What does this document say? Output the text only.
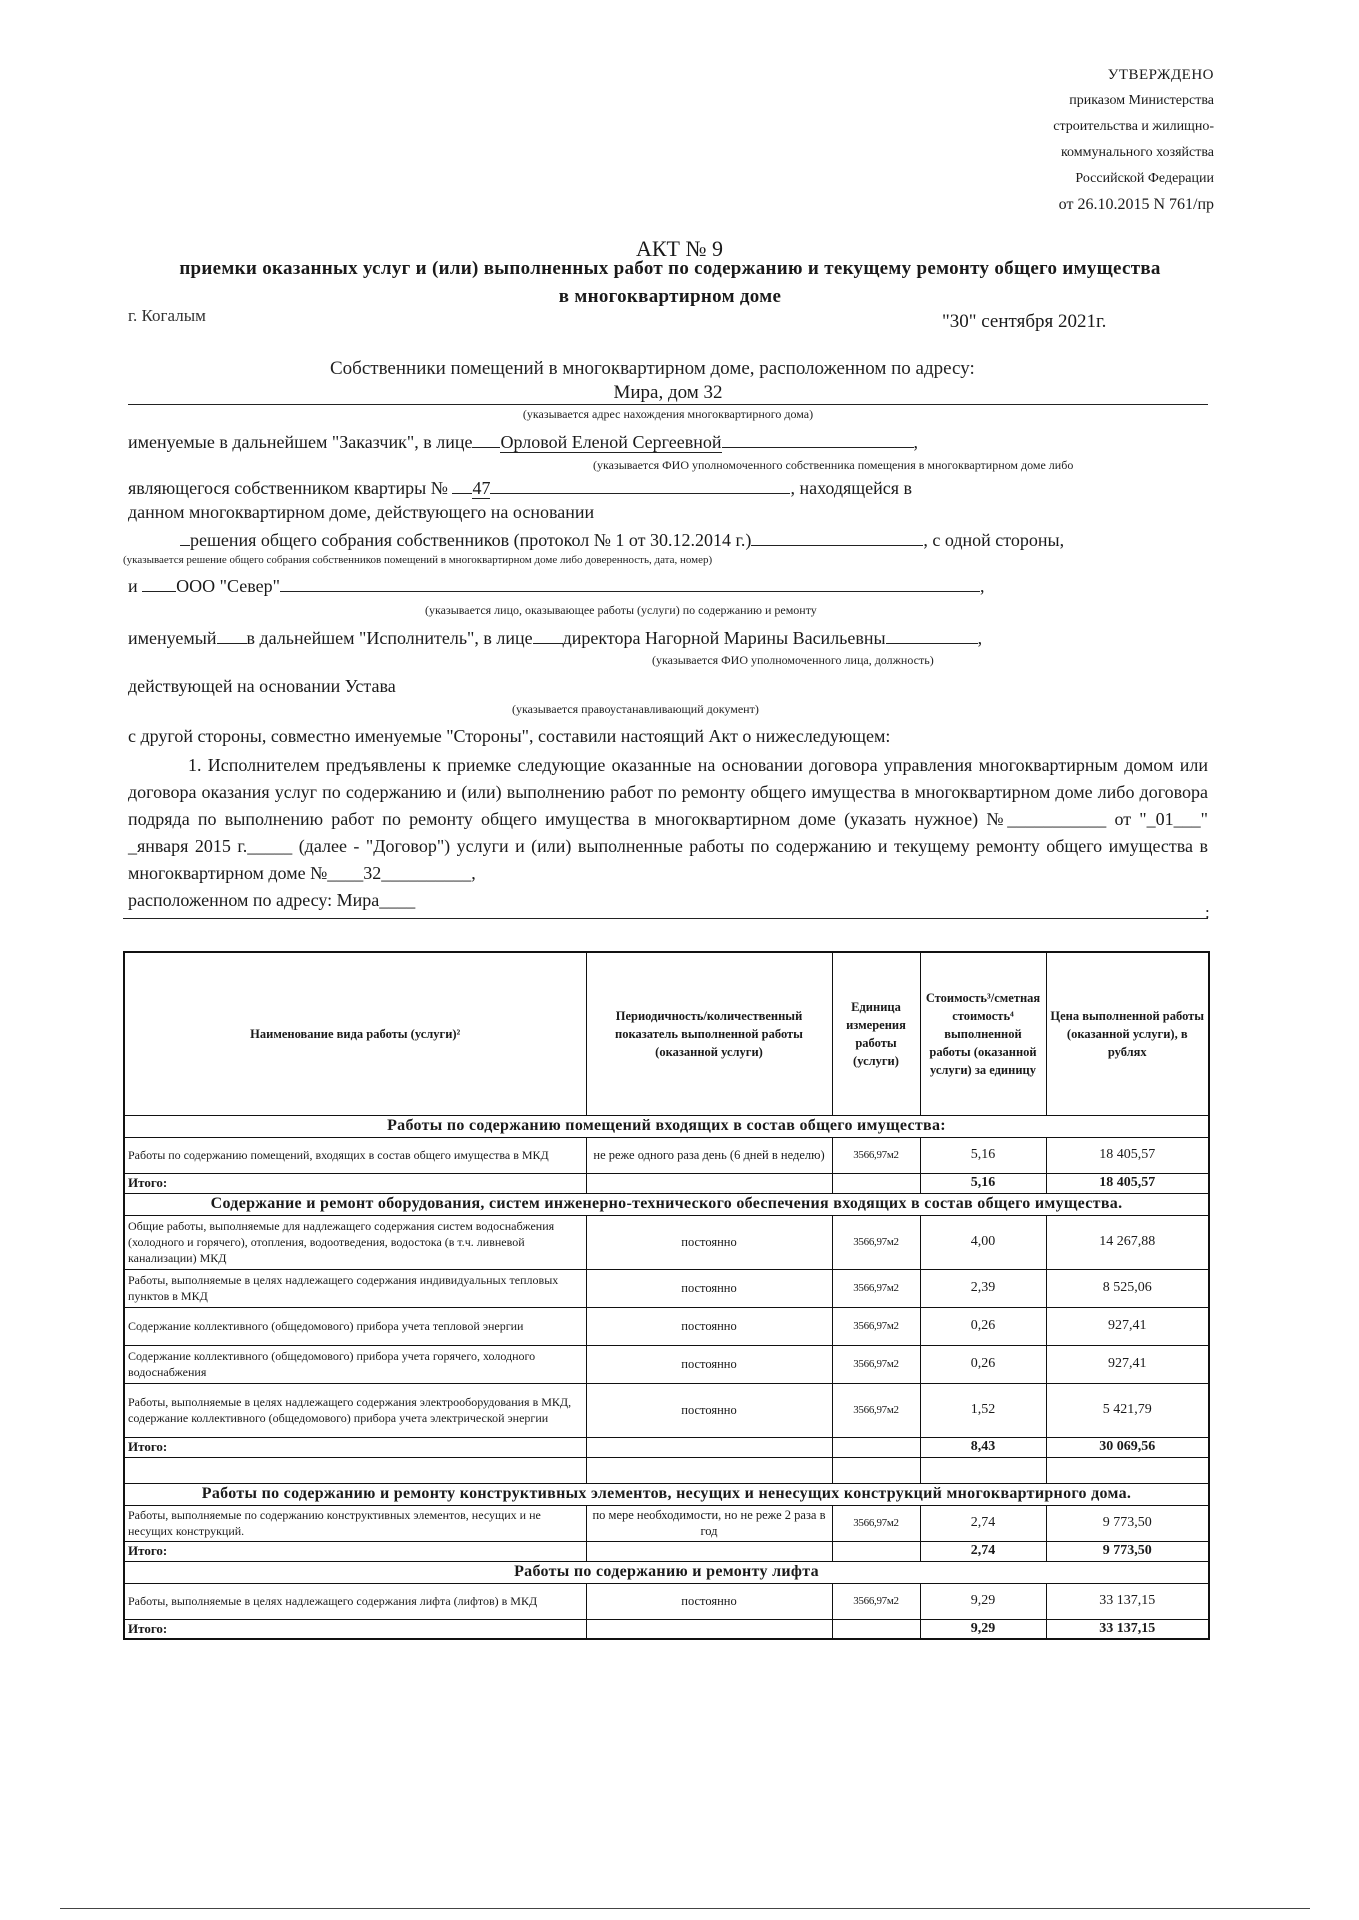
УТВЕРЖДЕНО
приказом Министерства
строительства и жилищно-
коммунального хозяйства
Российской Федерации
от 26.10.2015 N 761/пр
АКТ № 9
приемки оказанных услуг и (или) выполненных работ по содержанию и текущему ремонту общего имущества
в многоквартирном доме
г. Когалым	"30" сентября 2021г.
Собственники помещений в многоквартирном доме, расположенном по адресу:
Мира, дом 32
(указывается адрес нахождения многоквартирного дома)
именуемые в дальнейшем "Заказчик", в лице Орловой Еленой Сергеевной	,
(указывается ФИО уполномоченного собственника помещения в многоквартирном доме либо
являющегося собственником квартиры № 47	, находящейся в
данном многоквартирном доме, действующего на основании
решения общего собрания собственников (протокол № 1 от 30.12.2014 г.)	, с одной стороны,
(указывается решение общего собрания собственников помещений в многоквартирном доме либо доверенность, дата, номер)
и ООО "Север"	,
(указывается лицо, оказывающее работы (услуги) по содержанию и ремонту
именуемый в дальнейшем "Исполнитель", в лице директора Нагорной Марины Васильевны	,
(указывается ФИО уполномоченного лица, должность)
действующей на основании Устава
(указывается правоустанавливающий документ)
с другой стороны, совместно именуемые "Стороны", составили настоящий Акт о нижеследующем:

1. Исполнителем предъявлены к приемке следующие оказанные на основании договора управления многоквартирным домом или договора оказания услуг по содержанию и (или) выполнению работ по ремонту общего имущества в многоквартирном доме либо договора подряда по выполнению работ по ремонту общего имущества в многоквартирном доме (указать нужное) №___________ от "_01___" _января 2015 г._____ (далее - "Договор") услуги и (или) выполненные работы по содержанию и текущему ремонту общего имущества в многоквартирном доме №____32__________,

расположенном по адресу: Мира____

:
Наименование вида работы (услуги)²	Периодичность/количественный показатель выполненной работы (оказанной услуги)	Единица измерения работы (услуги)	Стоимость³/сметная стоимость⁴ выполненной работы (оказанной услуги) за единицу	Цена выполненной работы (оказанной услуги), в рублях
Работы по содержанию помещений входящих в состав общего имущества:				
Работы по содержанию помещений, входящих в состав общего имущества в МКД	не реже одного раза день (6 дней в неделю)	3566,97м2	5,16	18 405,57
Итого:			5,16	18 405,57
Содержание и ремонт оборудования, систем инженерно-технического обеспечения входящих в состав общего имущества.				
Общие работы, выполняемые для надлежащего содержания систем водоснабжения (холодного и горячего), отопления, водоотведения, водостока (в т.ч. ливневой канализации) МКД	постоянно	3566,97м2	4,00	14 267,88
Работы, выполняемые в целях надлежащего содержания индивидуальных тепловых пунктов в МКД	постоянно	3566,97м2	2,39	8 525,06
Содержание коллективного (общедомового) прибора учета тепловой энергии	постоянно	3566,97м2	0,26	927,41
Содержание коллективного (общедомового) прибора учета горячего, холодного водоснабжения	постоянно	3566,97м2	0,26	927,41
Работы, выполняемые в целях надлежащего содержания электрооборудования в МКД, содержание коллективного (общедомового) прибора учета электрической энергии	постоянно	3566,97м2	1,52	5 421,79
Итого:			8,43	30 069,56

Работы по содержанию и ремонту конструктивных элементов, несущих и ненесущих конструкций многоквартирного дома.				
Работы, выполняемые по содержанию конструктивных элементов, несущих и не несущих конструкций.	по мере необходимости, но не реже 2 раза в год	3566,97м2	2,74	9 773,50
Итого:			2,74	9 773,50
Работы по содержанию и ремонту лифта				
Работы, выполняемые в целях надлежащего содержания лифта (лифтов) в МКД	постоянно	3566,97м2	9,29	33 137,15
Итого:			9,29	33 137,15
